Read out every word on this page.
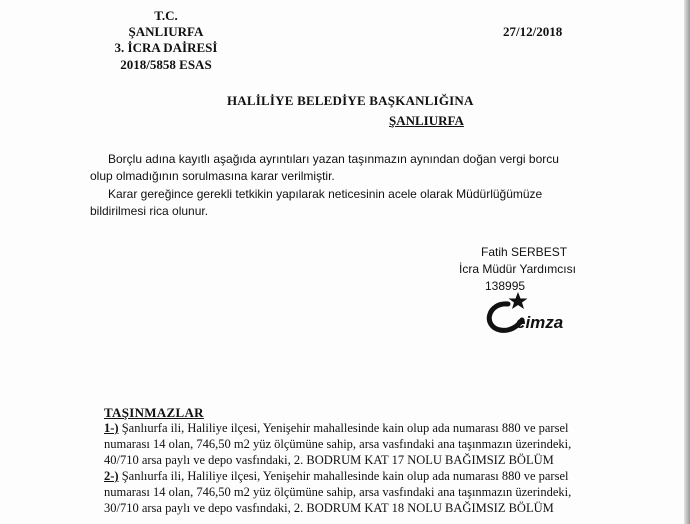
T.C.
ŞANLIURFA
3. İCRA DAİRESİ
2018/5858 ESAS
27/12/2018
HALİLİYE BELEDİYE BAŞKANLIĞINA
ŞANLIURFA
Borçlu adına kayıtlı aşağıda ayrıntıları yazan taşınmazın aynından doğan vergi borcu
olup olmadığının sorulmasına karar verilmiştir.
Karar gereğince gerekli tetkikin yapılarak neticesinin acele olarak Müdürlüğümüze
bildirilmesi rica olunur.
Fatih SERBEST
İcra Müdür Yardımcısı
138995
eimza
TAŞINMAZLAR
1-) Şanlıurfa ili, Haliliye ilçesi, Yenişehir mahallesinde kain olup ada numarası 880 ve parsel
numarası 14 olan, 746,50 m2 yüz ölçümüne sahip, arsa vasfındaki ana taşınmazın üzerindeki,
40/710 arsa paylı ve depo vasfındaki, 2. BODRUM KAT 17 NOLU BAĞIMSIZ BÖLÜM
2-) Şanlıurfa ili, Haliliye ilçesi, Yenişehir mahallesinde kain olup ada numarası 880 ve parsel
numarası 14 olan, 746,50 m2 yüz ölçümüne sahip, arsa vasfındaki ana taşınmazın üzerindeki,
30/710 arsa paylı ve depo vasfındaki, 2. BODRUM KAT 18 NOLU BAĞIMSIZ BÖLÜM
